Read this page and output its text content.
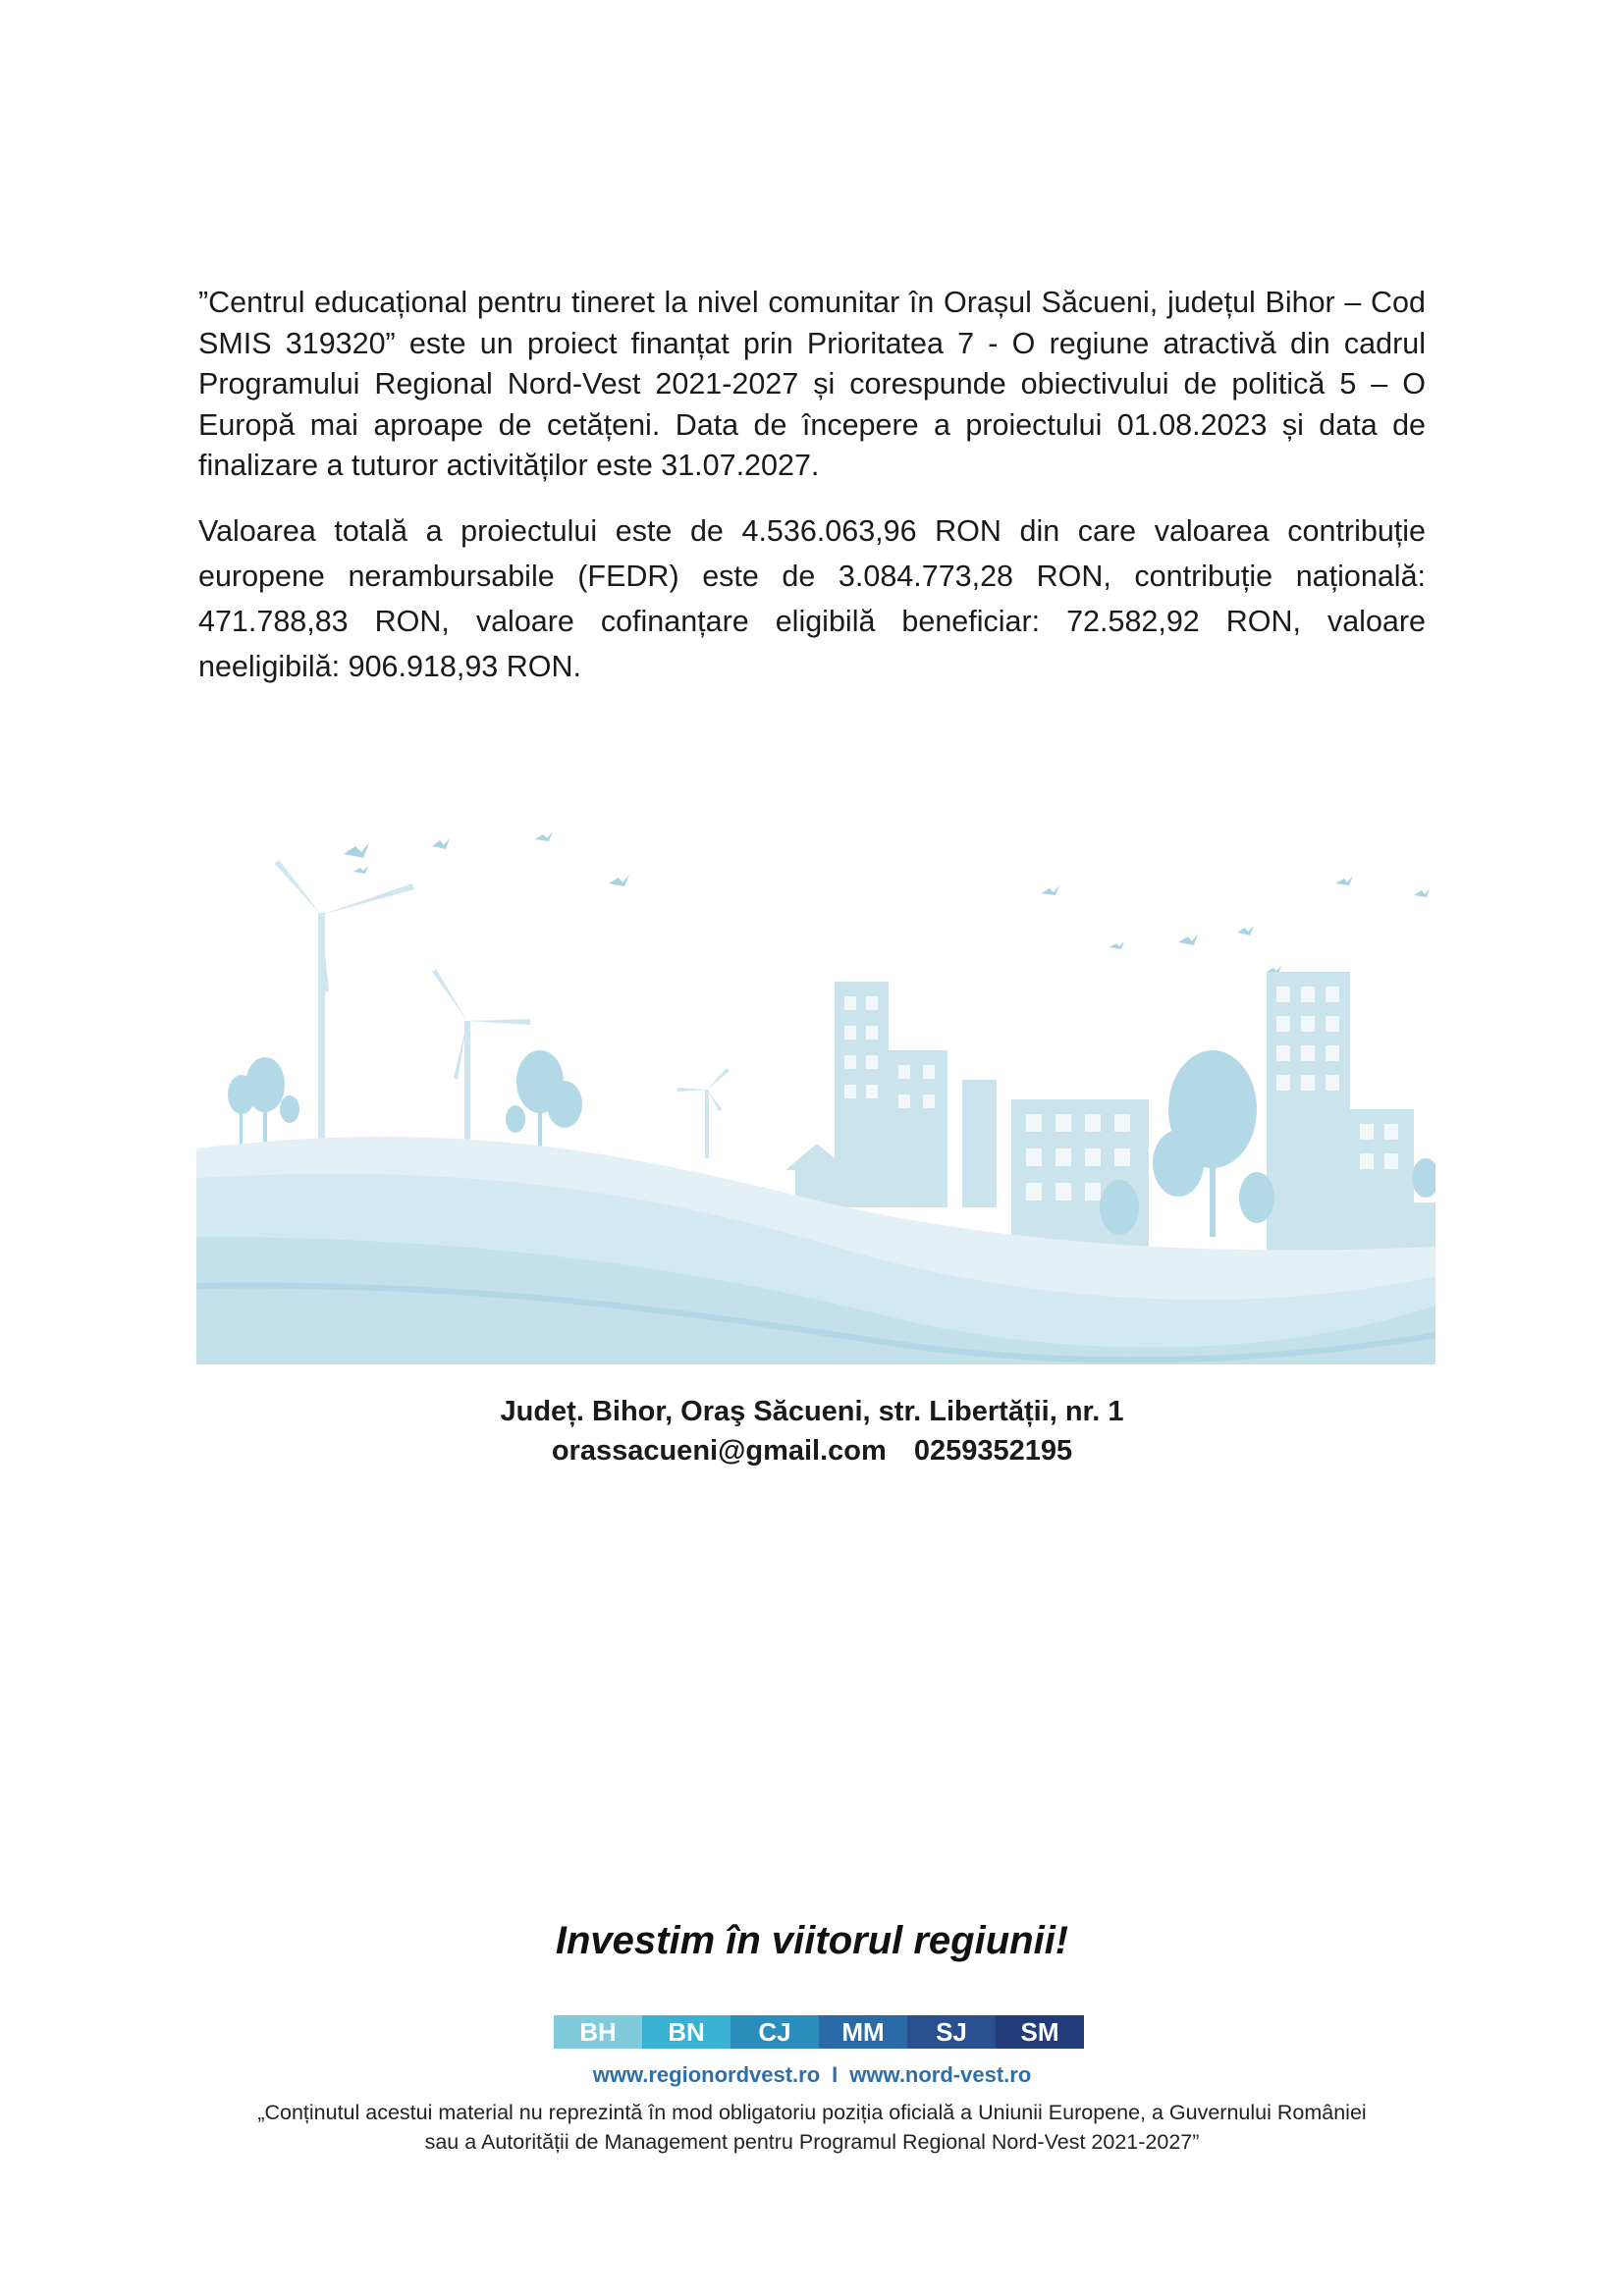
”Centrul educațional pentru tineret la nivel comunitar în Orașul Săcueni, județul Bihor – Cod SMIS 319320” este un proiect finanțat prin Prioritatea 7 - O regiune atractivă din cadrul Programului Regional Nord-Vest 2021-2027 și corespunde obiectivului de politică 5 – O Europă mai aproape de cetățeni. Data de începere a proiectului 01.08.2023 și data de finalizare a tuturor activităților este 31.07.2027.

Valoarea totală a proiectului este de 4.536.063,96 RON din care valoarea contribuție europene nerambursabile (FEDR) este de 3.084.773,28 RON, contribuție națională: 471.788,83 RON, valoare cofinanțare eligibilă beneficiar: 72.582,92 RON, valoare neeligibilă: 906.918,93 RON.

Județ. Bihor, Oraş Săcueni, str. Libertății, nr. 1
orassacueni@gmail.com 0259352195
Investim în viitorul regiunii!
BH	BN	CJ	MM	SJ	SM
www.regionordvest.ro I www.nord-vest.ro
„Conținutul acestui material nu reprezintă în mod obligatoriu poziția oficială a Uniunii Europene, a Guvernului României sau a Autorității de Management pentru Programul Regional Nord-Vest 2021-2027”
